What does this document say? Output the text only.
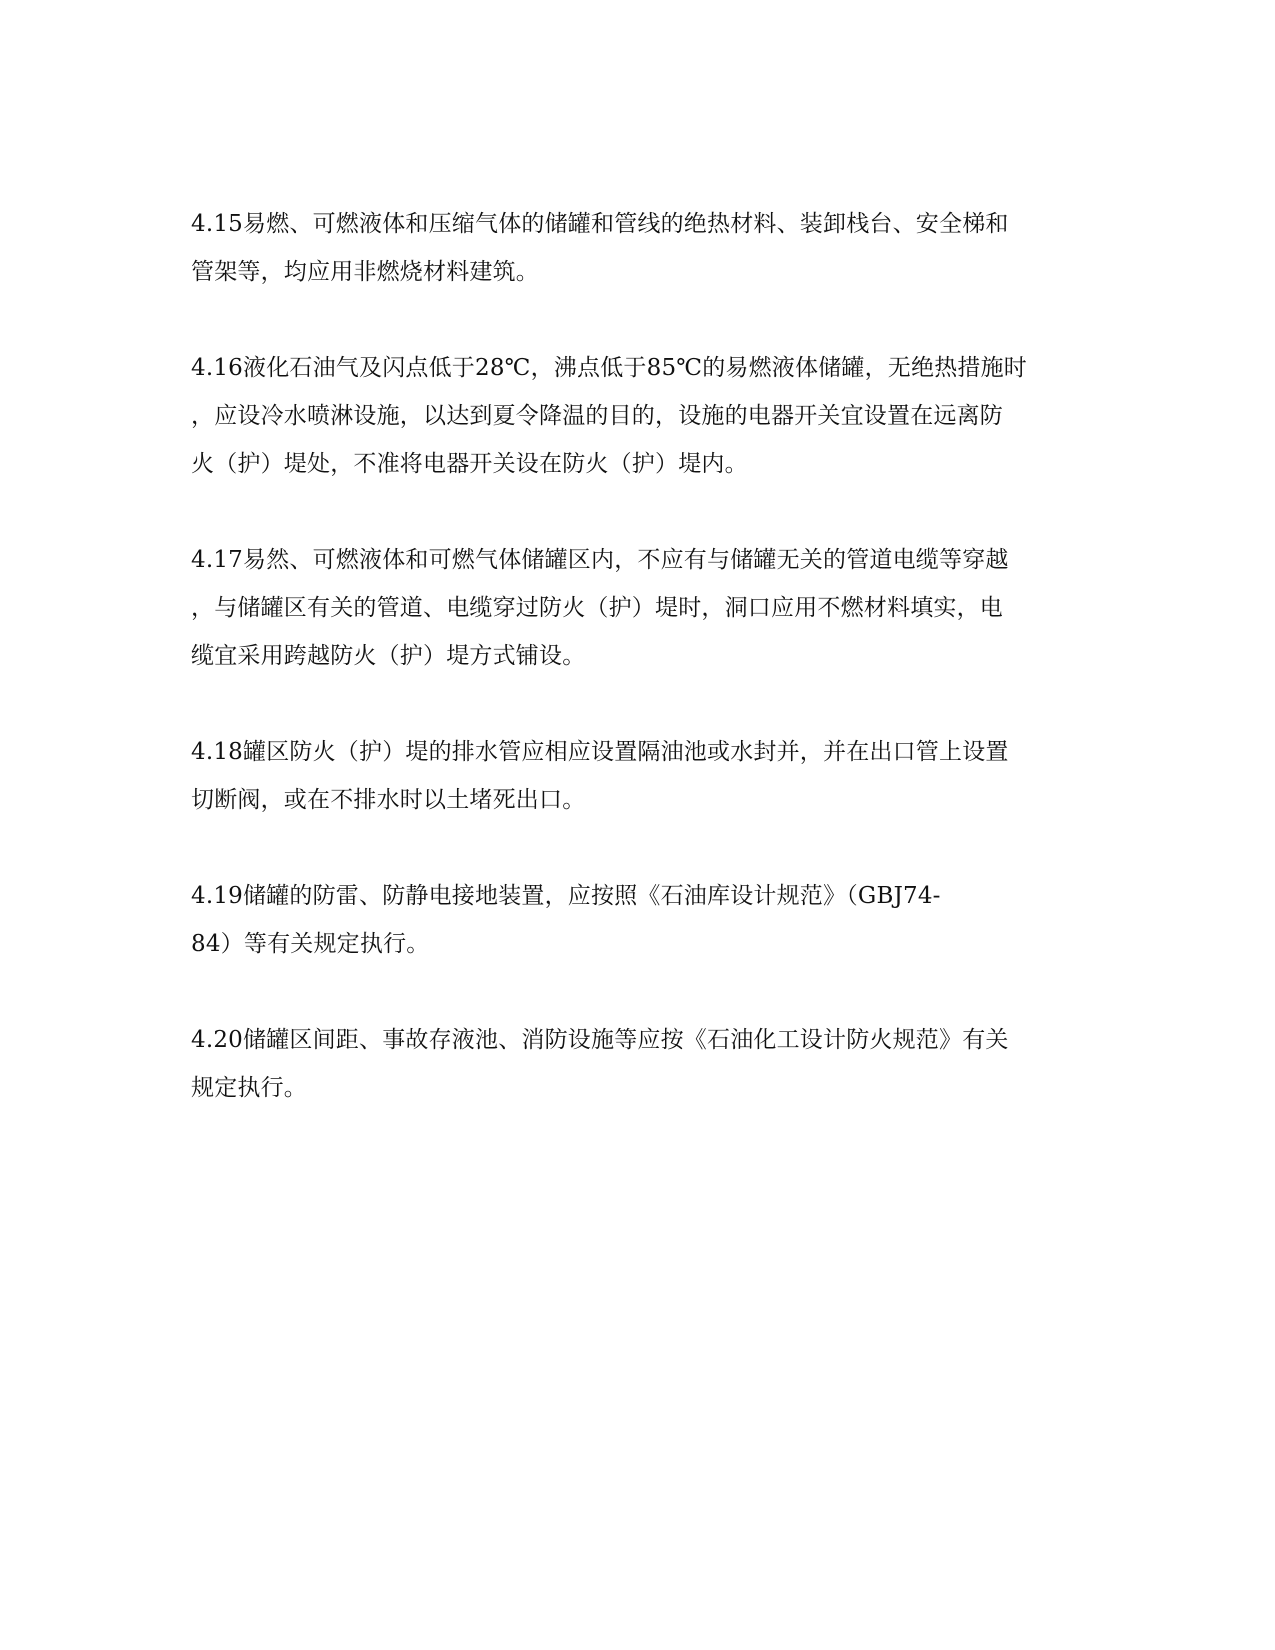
4.15易燃、可燃液体和压缩气体的储罐和管线的绝热材料、装卸栈台、安全梯和
管架等，均应用非燃烧材料建筑。

4.16液化石油气及闪点低于28℃，沸点低于85℃的易燃液体储罐，无绝热措施时
，应设冷水喷淋设施，以达到夏令降温的目的，设施的电器开关宜设置在远离防
火（护）堤处，不准将电器开关设在防火（护）堤内。

4.17易然、可燃液体和可燃气体储罐区内，不应有与储罐无关的管道电缆等穿越
，与储罐区有关的管道、电缆穿过防火（护）堤时，洞口应用不燃材料填实，电
缆宜采用跨越防火（护）堤方式铺设。

4.18罐区防火（护）堤的排水管应相应设置隔油池或水封并，并在出口管上设置
切断阀，或在不排水时以土堵死出口。

4.19储罐的防雷、防静电接地装置，应按照《石油库设计规范》（GBJ74-
84）等有关规定执行。

4.20储罐区间距、事故存液池、消防设施等应按《石油化工设计防火规范》有关
规定执行。
